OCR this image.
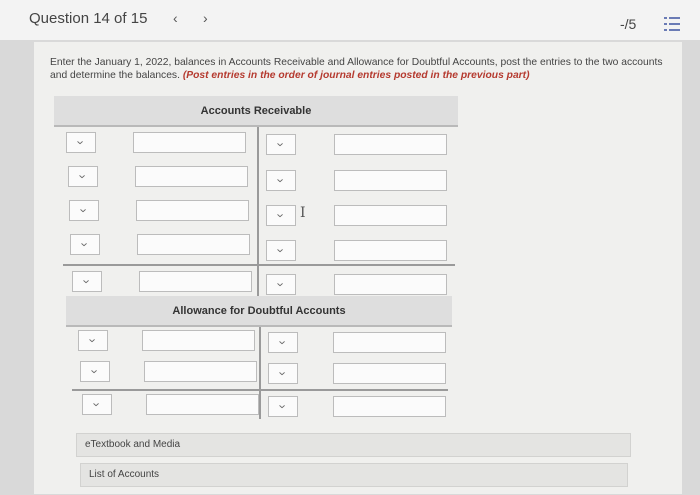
Question 14 of 15 ‹ ›	-/5
Enter the January 1, 2022, balances in Accounts Receivable and Allowance for Doubtful Accounts, post the entries to the two accounts and determine the balances. (Post entries in the order of journal entries posted in the previous part)
Accounts Receivable
›
›
›
›
›
›
›
›
›
›
I
Allowance for Doubtful Accounts
›
›
›
›
›
›
eTextbook and Media
List of Accounts
